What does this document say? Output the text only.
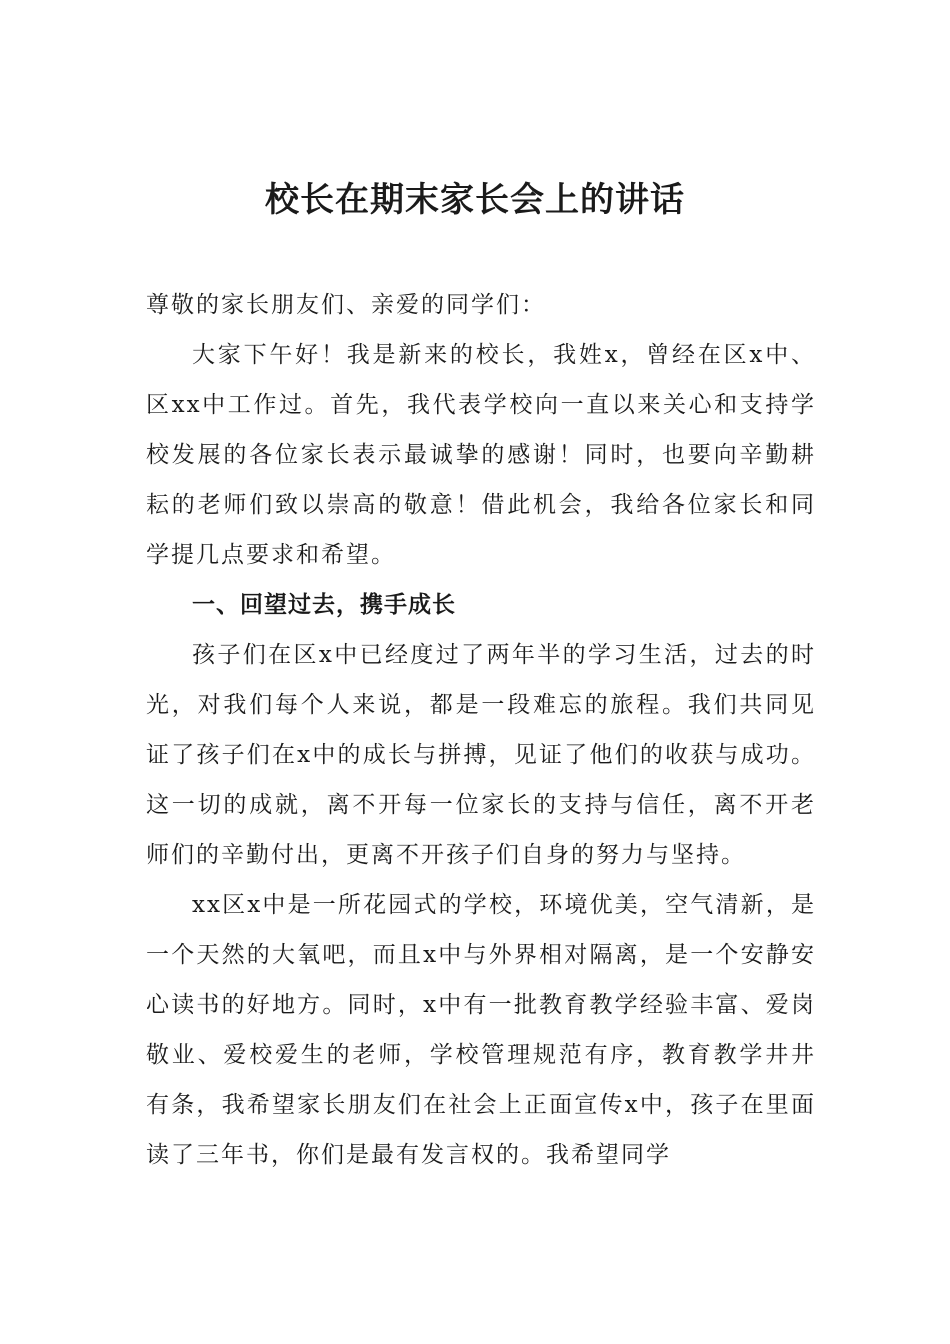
校长在期末家长会上的讲话

尊敬的家长朋友们、亲爱的同学们：

大家下午好！我是新来的校长，我姓x，曾经在区x中、区xx中工作过。首先，我代表学校向一直以来关心和支持学校发展的各位家长表示最诚挚的感谢！同时，也要向辛勤耕耘的老师们致以崇高的敬意！借此机会，我给各位家长和同学提几点要求和希望。

一、回望过去，携手成长

孩子们在区x中已经度过了两年半的学习生活，过去的时光，对我们每个人来说，都是一段难忘的旅程。我们共同见证了孩子们在x中的成长与拼搏，见证了他们的收获与成功。这一切的成就，离不开每一位家长的支持与信任，离不开老师们的辛勤付出，更离不开孩子们自身的努力与坚持。

xx区x中是一所花园式的学校，环境优美，空气清新，是一个天然的大氧吧，而且x中与外界相对隔离，是一个安静安心读书的好地方。同时，x中有一批教育教学经验丰富、爱岗敬业、爱校爱生的老师，学校管理规范有序，教育教学井井有条，我希望家长朋友们在社会上正面宣传x中，孩子在里面读了三年书，你们是最有发言权的。我希望同学
